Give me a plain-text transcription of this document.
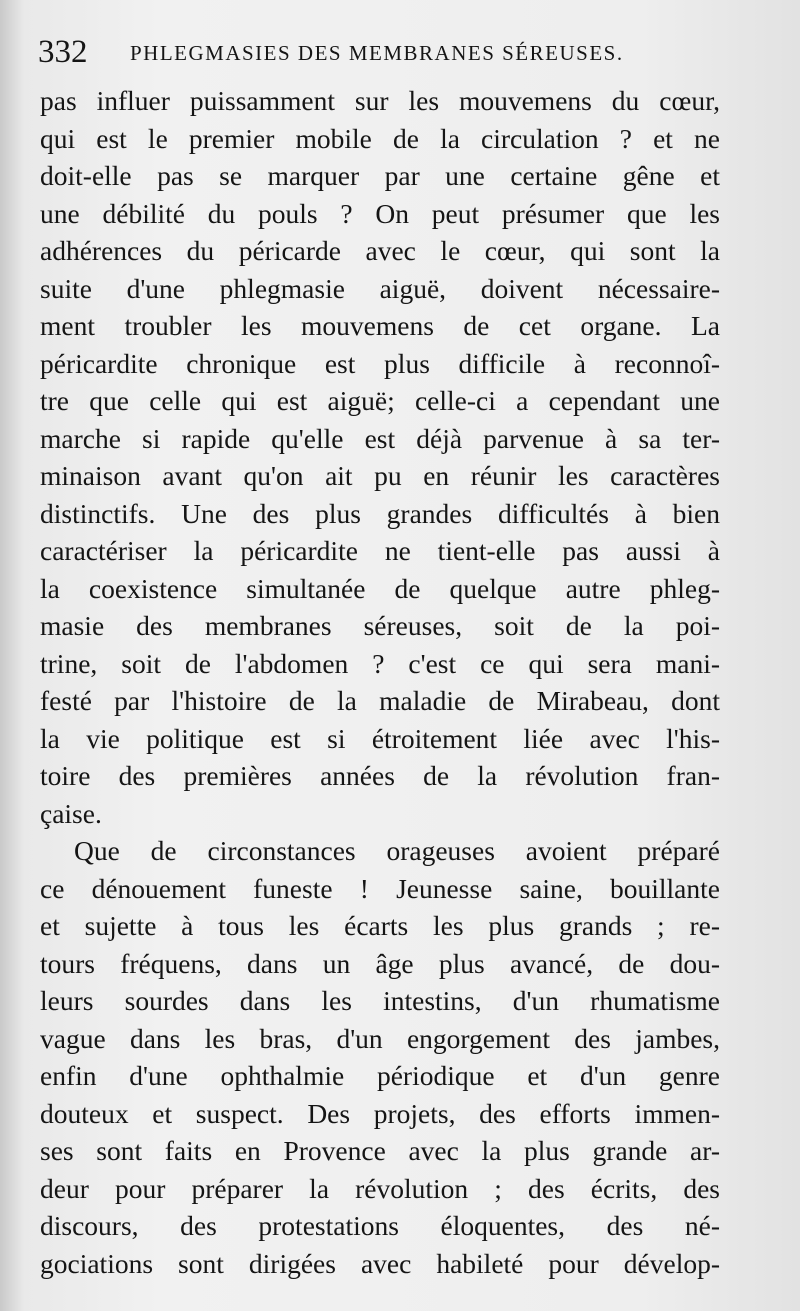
332 PHLEGMASIES DES MEMBRANES SÉREUSES.
pas influer puissamment sur les mouvemens du cœur,
qui est le premier mobile de la circulation ? et ne
doit-elle pas se marquer par une certaine gêne et
une débilité du pouls ? On peut présumer que les
adhérences du péricarde avec le cœur, qui sont la
suite d'une phlegmasie aiguë, doivent nécessaire-
ment troubler les mouvemens de cet organe. La
péricardite chronique est plus difficile à reconnoî-
tre que celle qui est aiguë; celle-ci a cependant une
marche si rapide qu'elle est déjà parvenue à sa ter-
minaison avant qu'on ait pu en réunir les caractères
distinctifs. Une des plus grandes difficultés à bien
caractériser la péricardite ne tient-elle pas aussi à
la coexistence simultanée de quelque autre phleg-
masie des membranes séreuses, soit de la poi-
trine, soit de l'abdomen ? c'est ce qui sera mani-
festé par l'histoire de la maladie de Mirabeau, dont
la vie politique est si étroitement liée avec l'his-
toire des premières années de la révolution fran-
çaise.
Que de circonstances orageuses avoient préparé
ce dénouement funeste ! Jeunesse saine, bouillante
et sujette à tous les écarts les plus grands ; re-
tours fréquens, dans un âge plus avancé, de dou-
leurs sourdes dans les intestins, d'un rhumatisme
vague dans les bras, d'un engorgement des jambes,
enfin d'une ophthalmie périodique et d'un genre
douteux et suspect. Des projets, des efforts immen-
ses sont faits en Provence avec la plus grande ar-
deur pour préparer la révolution ; des écrits, des
discours, des protestations éloquentes, des né-
gociations sont dirigées avec habileté pour dévelop-
